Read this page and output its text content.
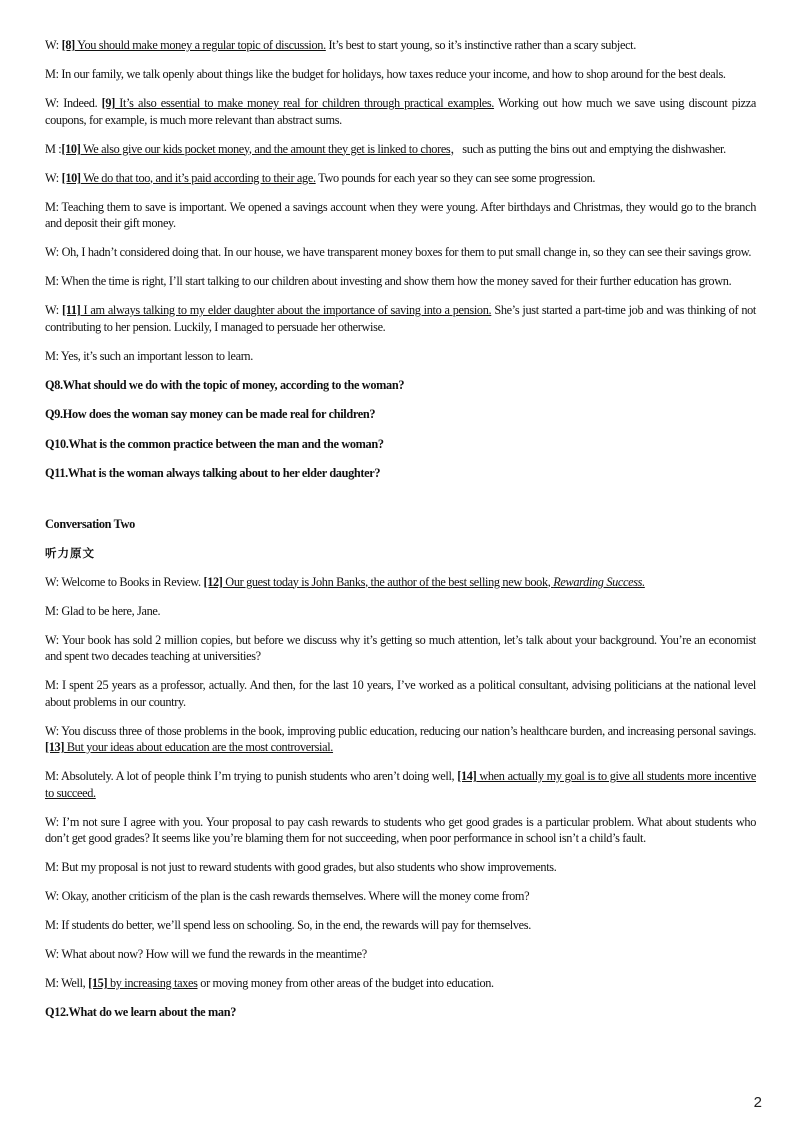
W: [8] You should make money a regular topic of discussion. It’s best to start young, so it’s instinctive rather than a scary subject.

M: In our family, we talk openly about things like the budget for holidays, how taxes reduce your income, and how to shop around for the best deals.

W: Indeed. [9] It’s also essential to make money real for children through practical examples. Working out how much we save using discount pizza coupons, for example, is much more relevant than abstract sums.

M :[10] We also give our kids pocket money, and the amount they get is linked to chores，such as putting the bins out and emptying the dishwasher.

W: [10] We do that too, and it’s paid according to their age. Two pounds for each year so they can see some progression.

M: Teaching them to save is important. We opened a savings account when they were young. After birthdays and Christmas, they would go to the branch and deposit their gift money.

W: Oh, I hadn’t considered doing that. In our house, we have transparent money boxes for them to put small change in, so they can see their savings grow.

M: When the time is right, I’ll start talking to our children about investing and show them how the money saved for their further education has grown.

W: [11] I am always talking to my elder daughter about the importance of saving into a pension. She’s just started a part-time job and was thinking of not contributing to her pension. Luckily, I managed to persuade her otherwise.

M: Yes, it’s such an important lesson to learn.

Q8.What should we do with the topic of money, according to the woman?

Q9.How does the woman say money can be made real for children?

Q10.What is the common practice between the man and the woman?

Q11.What is the woman always talking about to her elder daughter?

Conversation Two

听力原文

W: Welcome to Books in Review. [12] Our guest today is John Banks, the author of the best selling new book, Rewarding Success.

M: Glad to be here, Jane.

W: Your book has sold 2 million copies, but before we discuss why it’s getting so much attention, let’s talk about your background. You’re an economist and spent two decades teaching at universities?

M: I spent 25 years as a professor, actually. And then, for the last 10 years, I’ve worked as a political consultant, advising politicians at the national level about problems in our country.

W: You discuss three of those problems in the book, improving public education, reducing our nation’s healthcare burden, and increasing personal savings. [13] But your ideas about education are the most controversial.

M: Absolutely. A lot of people think I’m trying to punish students who aren’t doing well, [14] when actually my goal is to give all students more incentive to succeed.

W: I’m not sure I agree with you. Your proposal to pay cash rewards to students who get good grades is a particular problem. What about students who don’t get good grades? It seems like you’re blaming them for not succeeding, when poor performance in school isn’t a child’s fault.

M: But my proposal is not just to reward students with good grades, but also students who show improvements.

W: Okay, another criticism of the plan is the cash rewards themselves. Where will the money come from?

M: If students do better, we’ll spend less on schooling. So, in the end, the rewards will pay for themselves.

W: What about now? How will we fund the rewards in the meantime?

M: Well, [15] by increasing taxes or moving money from other areas of the budget into education.

Q12.What do we learn about the man?

2
